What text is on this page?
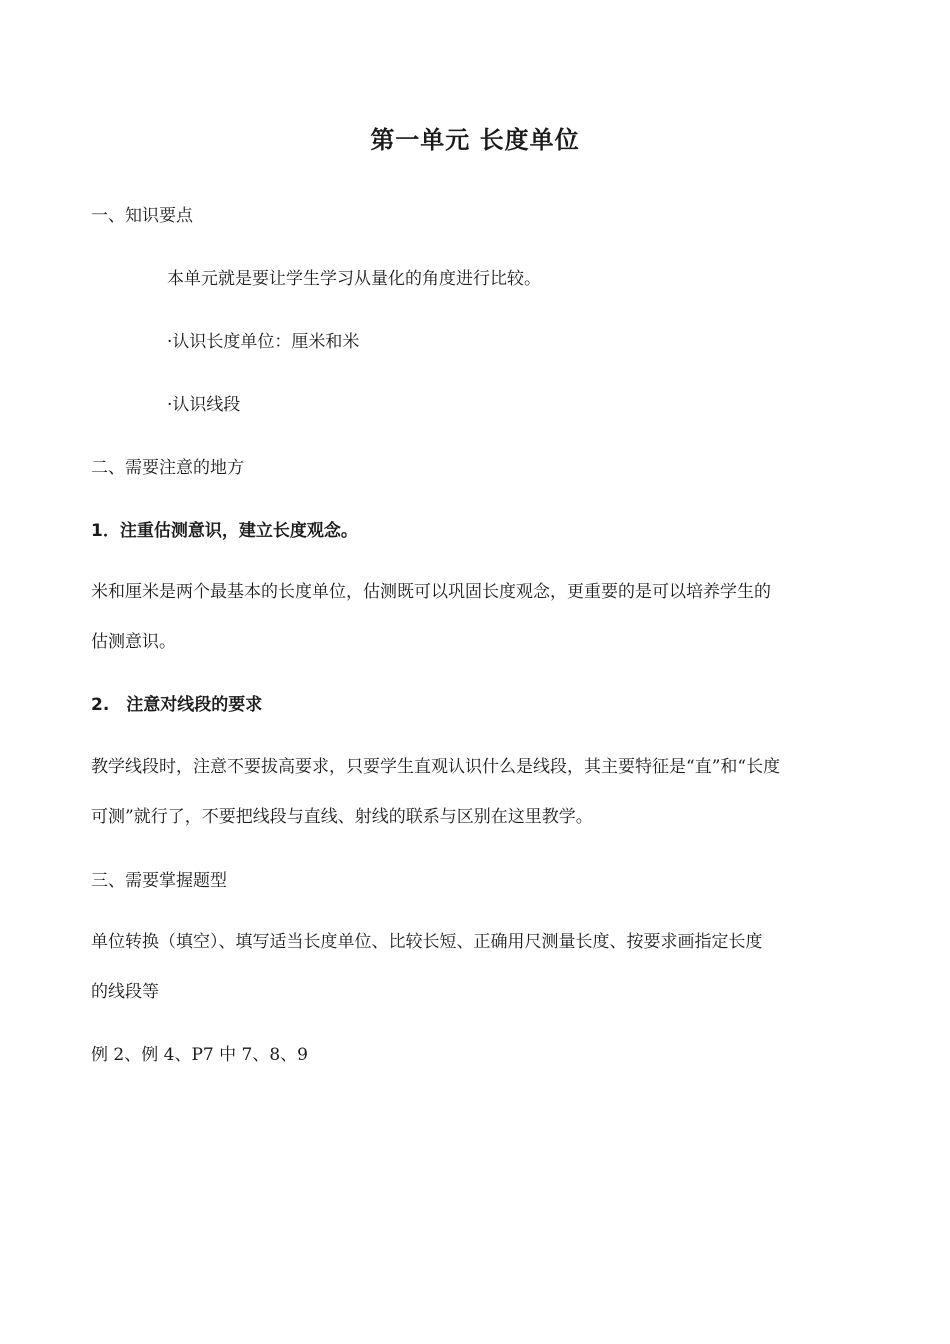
第一单元 长度单位
一、知识要点
本单元就是要让学生学习从量化的角度进行比较。
·认识长度单位：厘米和米
·认识线段
二、需要注意的地方
1．注重估测意识，建立长度观念。
米和厘米是两个最基本的长度单位，估测既可以巩固长度观念，更重要的是可以培养学生的
估测意识。
2.　注意对线段的要求
教学线段时，注意不要拔高要求，只要学生直观认识什么是线段，其主要特征是“直”和“长度
可测”就行了，不要把线段与直线、射线的联系与区别在这里教学。
三、需要掌握题型
单位转换（填空）、填写适当长度单位、比较长短、正确用尺测量长度、按要求画指定长度
的线段等
例 2、例 4、P7 中 7、8、9
